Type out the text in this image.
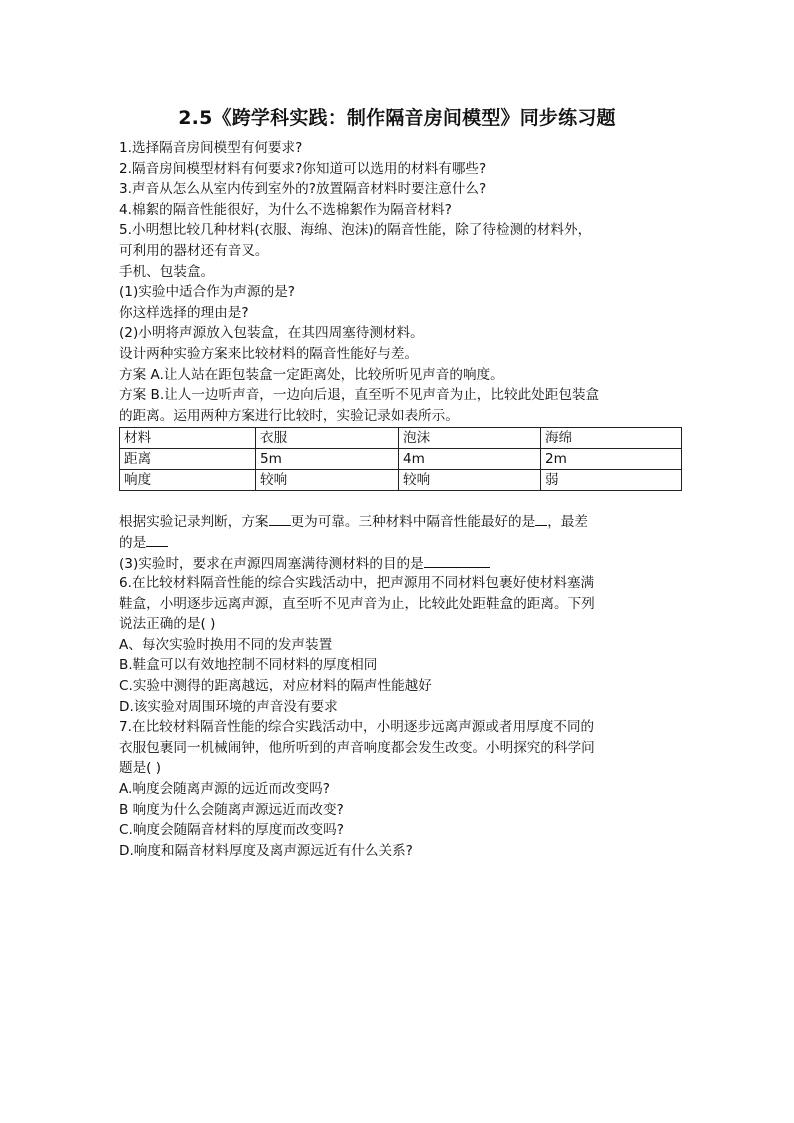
2.5《跨学科实践：制作隔音房间模型》同步练习题
1.选择隔音房间模型有何要求?
2.隔音房间模型材料有何要求?你知道可以选用的材料有哪些?
3.声音从怎么从室内传到室外的?放置隔音材料时要注意什么?
4.棉絮的隔音性能很好，为什么不选棉絮作为隔音材料?
5.小明想比较几种材料(衣服、海绵、泡沫)的隔音性能，除了待检测的材料外，
可利用的器材还有音叉。
手机、包装盒。
(1)实验中适合作为声源的是?
你这样选择的理由是?
(2)小明将声源放入包装盒，在其四周塞待测材料。
设计两种实验方案来比较材料的隔音性能好与差。
方案 A.让人站在距包装盒一定距离处，比较所听见声音的响度。
方案 B.让人一边听声音，一边向后退，直至听不见声音为止，比较此处距包装盒
的距离。运用两种方案进行比较时，实验记录如表所示。
材料	衣服	泡沫	海绵
距离	5m	4m	2m
响度	较响	较响	弱
根据实验记录判断，方案 更为可靠。三种材料中隔音性能最好的是 ，最差
的是
(3)实验时，要求在声源四周塞满待测材料的目的是
6.在比较材料隔音性能的综合实践活动中，把声源用不同材料包裹好使材料塞满
鞋盒，小明逐步远离声源，直至听不见声音为止，比较此处距鞋盒的距离。下列
说法正确的是( )
A、每次实验时换用不同的发声装置
B.鞋盒可以有效地控制不同材料的厚度相同
C.实验中测得的距离越远，对应材料的隔声性能越好
D.该实验对周围环境的声音没有要求
7.在比较材料隔音性能的综合实践活动中，小明逐步远离声源或者用厚度不同的
衣服包裹同一机械闹钟，他所听到的声音响度都会发生改变。小明探究的科学问
题是( )
A.响度会随离声源的远近而改变吗?
B 响度为什么会随离声源远近而改变?
C.响度会随隔音材料的厚度而改变吗?
D.响度和隔音材料厚度及离声源远近有什么关系?
